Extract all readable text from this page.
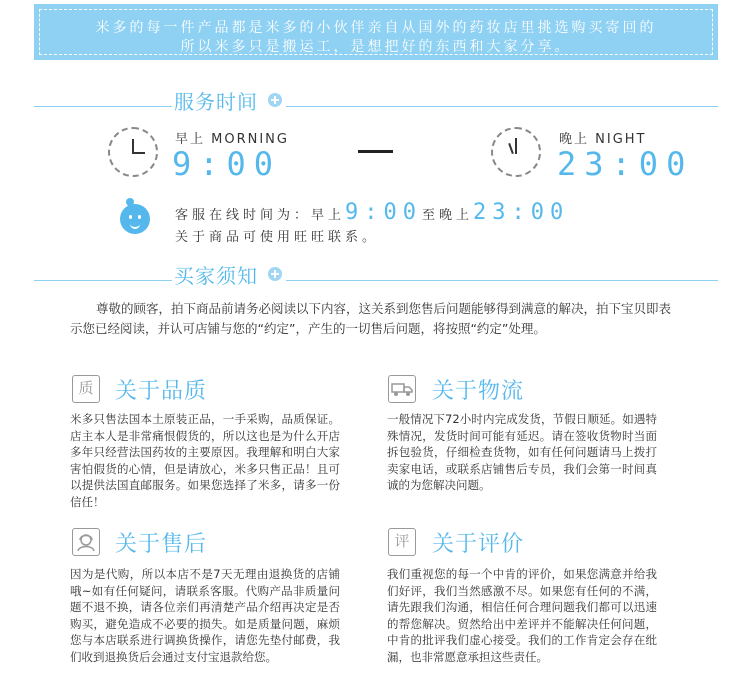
米多的每一件产品都是米多的小伙伴亲自从国外的药妆店里挑选购买寄回的
所以米多只是搬运工，是想把好的东西和大家分享。
服务时间
早上 MORNING
9:00
晚上 NIGHT
23:00
客服在线时间为：早上9:00至晚上23:00
关于商品可使用旺旺联系。
买家须知
尊敬的顾客，拍下商品前请务必阅读以下内容，这关系到您售后问题能够得到满意的解决，拍下宝贝即表示您已经阅读，并认可店铺与您的“约定”，产生的一切售后问题，将按照“约定”处理。
质 关于品质
米多只售法国本土原装正品，一手采购，品质保证。店主本人是非常痛恨假货的，所以这也是为什么开店多年只经营法国药妆的主要原因。我理解和明白大家害怕假货的心情，但是请放心，米多只售正品！且可以提供法国直邮服务。如果您选择了米多，请多一份信任！
关于物流
一般情况下72小时内完成发货，节假日顺延。如遇特殊情况，发货时间可能有延迟。请在签收货物时当面拆包验货，仔细检查货物，如有任何问题请马上拨打卖家电话，或联系店铺售后专员，我们会第一时间真诚的为您解决问题。
关于售后
因为是代购，所以本店不是7天无理由退换货的店铺哦~如有任何疑问，请联系客服。代购产品非质量问题不退不换，请各位亲们再清楚产品介绍再决定是否购买，避免造成不必要的损失。如是质量问题，麻烦您与本店联系进行调换货操作，请您先垫付邮费，我们收到退换货后会通过支付宝退款给您。
评 关于评价
我们重视您的每一个中肯的评价，如果您满意并给我们好评，我们当然感激不尽。如果您有任何的不满，请先跟我们沟通，相信任何合理问题我们都可以迅速的帮您解决。贸然给出中差评并不能解决任何问题，中肯的批评我们虚心接受。我们的工作肯定会存在纰漏，也非常愿意承担这些责任。
